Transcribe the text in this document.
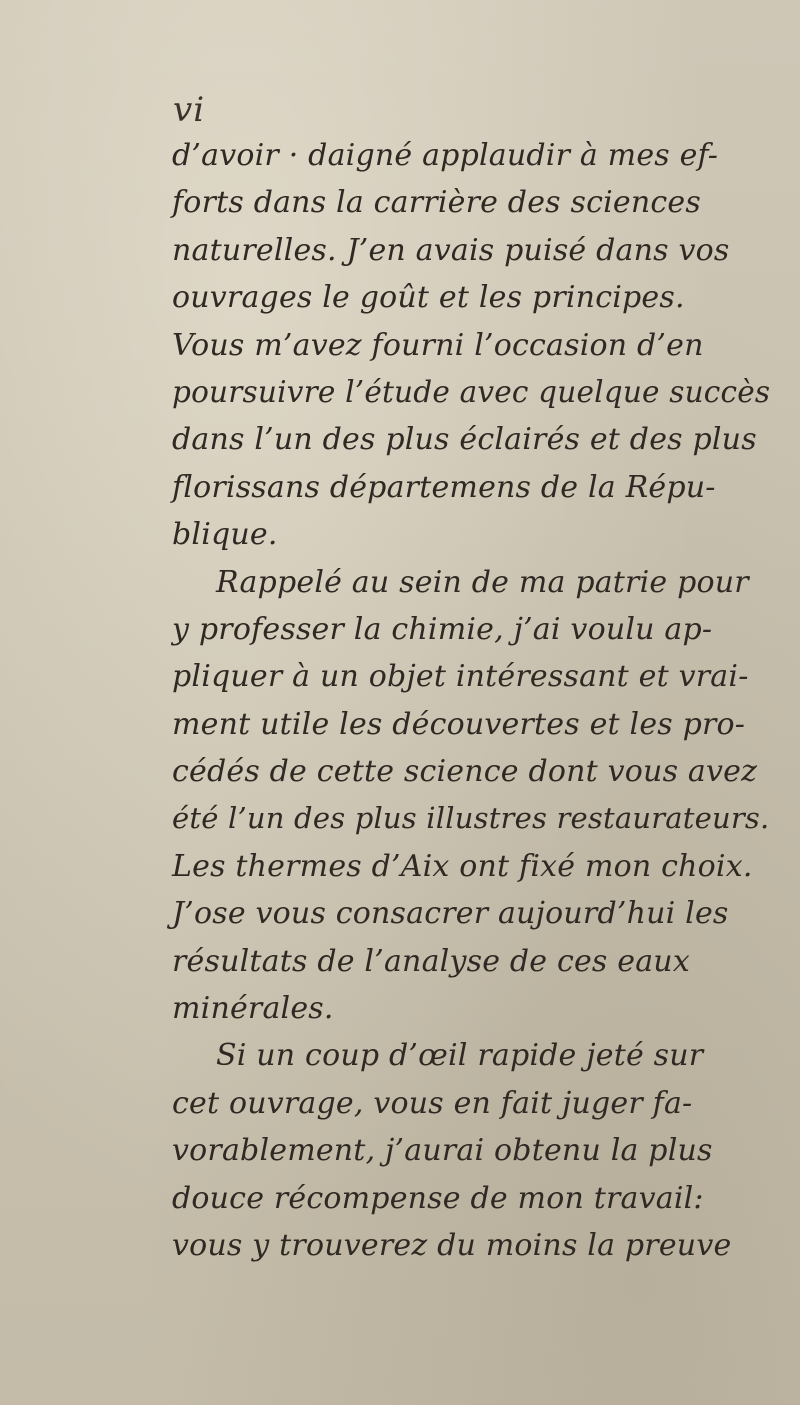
vi
d’avoir · daigné applaudir à mes ef-
forts dans la carrière des sciences
naturelles. J’en avais puisé dans vos
ouvrages le goût et les principes.
Vous m’avez fourni l’occasion d’en
poursuivre l’étude avec quelque succès
dans l’un des plus éclairés et des plus
florissans départemens de la Répu-
blique.
Rappelé au sein de ma patrie pour
y professer la chimie, j’ai voulu ap-
pliquer à un objet intéressant et vrai-
ment utile les découvertes et les pro-
cédés de cette science dont vous avez
été l’un des plus illustres restaurateurs.
Les thermes d’Aix ont fixé mon choix.
J’ose vous consacrer aujourd’hui les
résultats de l’analyse de ces eaux
minérales.
Si un coup d’œil rapide jeté sur
cet ouvrage, vous en fait juger fa-
vorablement, j’aurai obtenu la plus
douce récompense de mon travail:
vous y trouverez du moins la preuve
